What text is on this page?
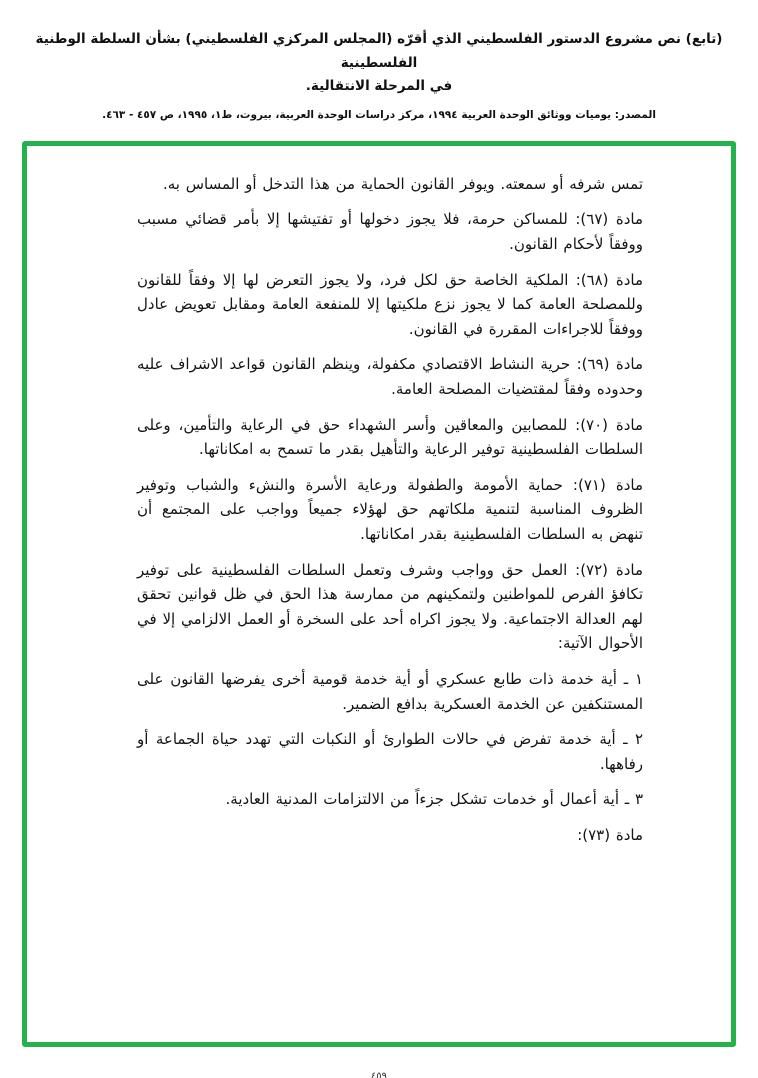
(تابع) نص مشروع الدستور الفلسطيني الذي أقرّه (المجلس المركزي الفلسطيني) بشأن السلطة الوطنية الفلسطينية
في المرحلة الانتقالية.
المصدر: يوميات ووثائق الوحدة العربية ١٩٩٤، مركز دراسات الوحدة العربية، بيروت، ط١، ١٩٩٥، ص ٤٥٧ - ٤٦٣.

تمس شرفه أو سمعته. ويوفر القانون الحماية من هذا التدخل أو المساس به.

مادة (٦٧): للمساكن حرمة، فلا يجوز دخولها أو تفتيشها إلا بأمر قضائي مسبب ووفقاً لأحكام القانون.

مادة (٦٨): الملكية الخاصة حق لكل فرد، ولا يجوز التعرض لها إلا وفقاً للقانون وللمصلحة العامة كما لا يجوز نزع ملكيتها إلا للمنفعة العامة ومقابل تعويض عادل ووفقاً للاجراءات المقررة في القانون.

مادة (٦٩): حرية النشاط الاقتصادي مكفولة، وينظم القانون قواعد الاشراف عليه وحدوده وفقاً لمقتضيات المصلحة العامة.

مادة (٧٠): للمصابين والمعاقين وأسر الشهداء حق في الرعاية والتأمين، وعلى السلطات الفلسطينية توفير الرعاية والتأهيل بقدر ما تسمح به امكاناتها.

مادة (٧١): حماية الأمومة والطفولة ورعاية الأسرة والنشء والشباب وتوفير الظروف المناسبة لتنمية ملكاتهم حق لهؤلاء جميعاً وواجب على المجتمع أن تنهض به السلطات الفلسطينية بقدر امكاناتها.

مادة (٧٢): العمل حق وواجب وشرف وتعمل السلطات الفلسطينية على توفير تكافؤ الفرص للمواطنين ولتمكينهم من ممارسة هذا الحق في ظل قوانين تحقق لهم العدالة الاجتماعية. ولا يجوز اكراه أحد على السخرة أو العمل الالزامي إلا في الأحوال الآتية:

١ ـ أية خدمة ذات طابع عسكري أو أية خدمة قومية أخرى يفرضها القانون على المستنكفين عن الخدمة العسكرية بدافع الضمير.

٢ ـ أية خدمة تفرض في حالات الطوارئ أو النكبات التي تهدد حياة الجماعة أو رفاهها.

٣ ـ أية أعمال أو خدمات تشكل جزءاً من الالتزامات المدنية العادية.

مادة (٧٣):

٤٥٩
